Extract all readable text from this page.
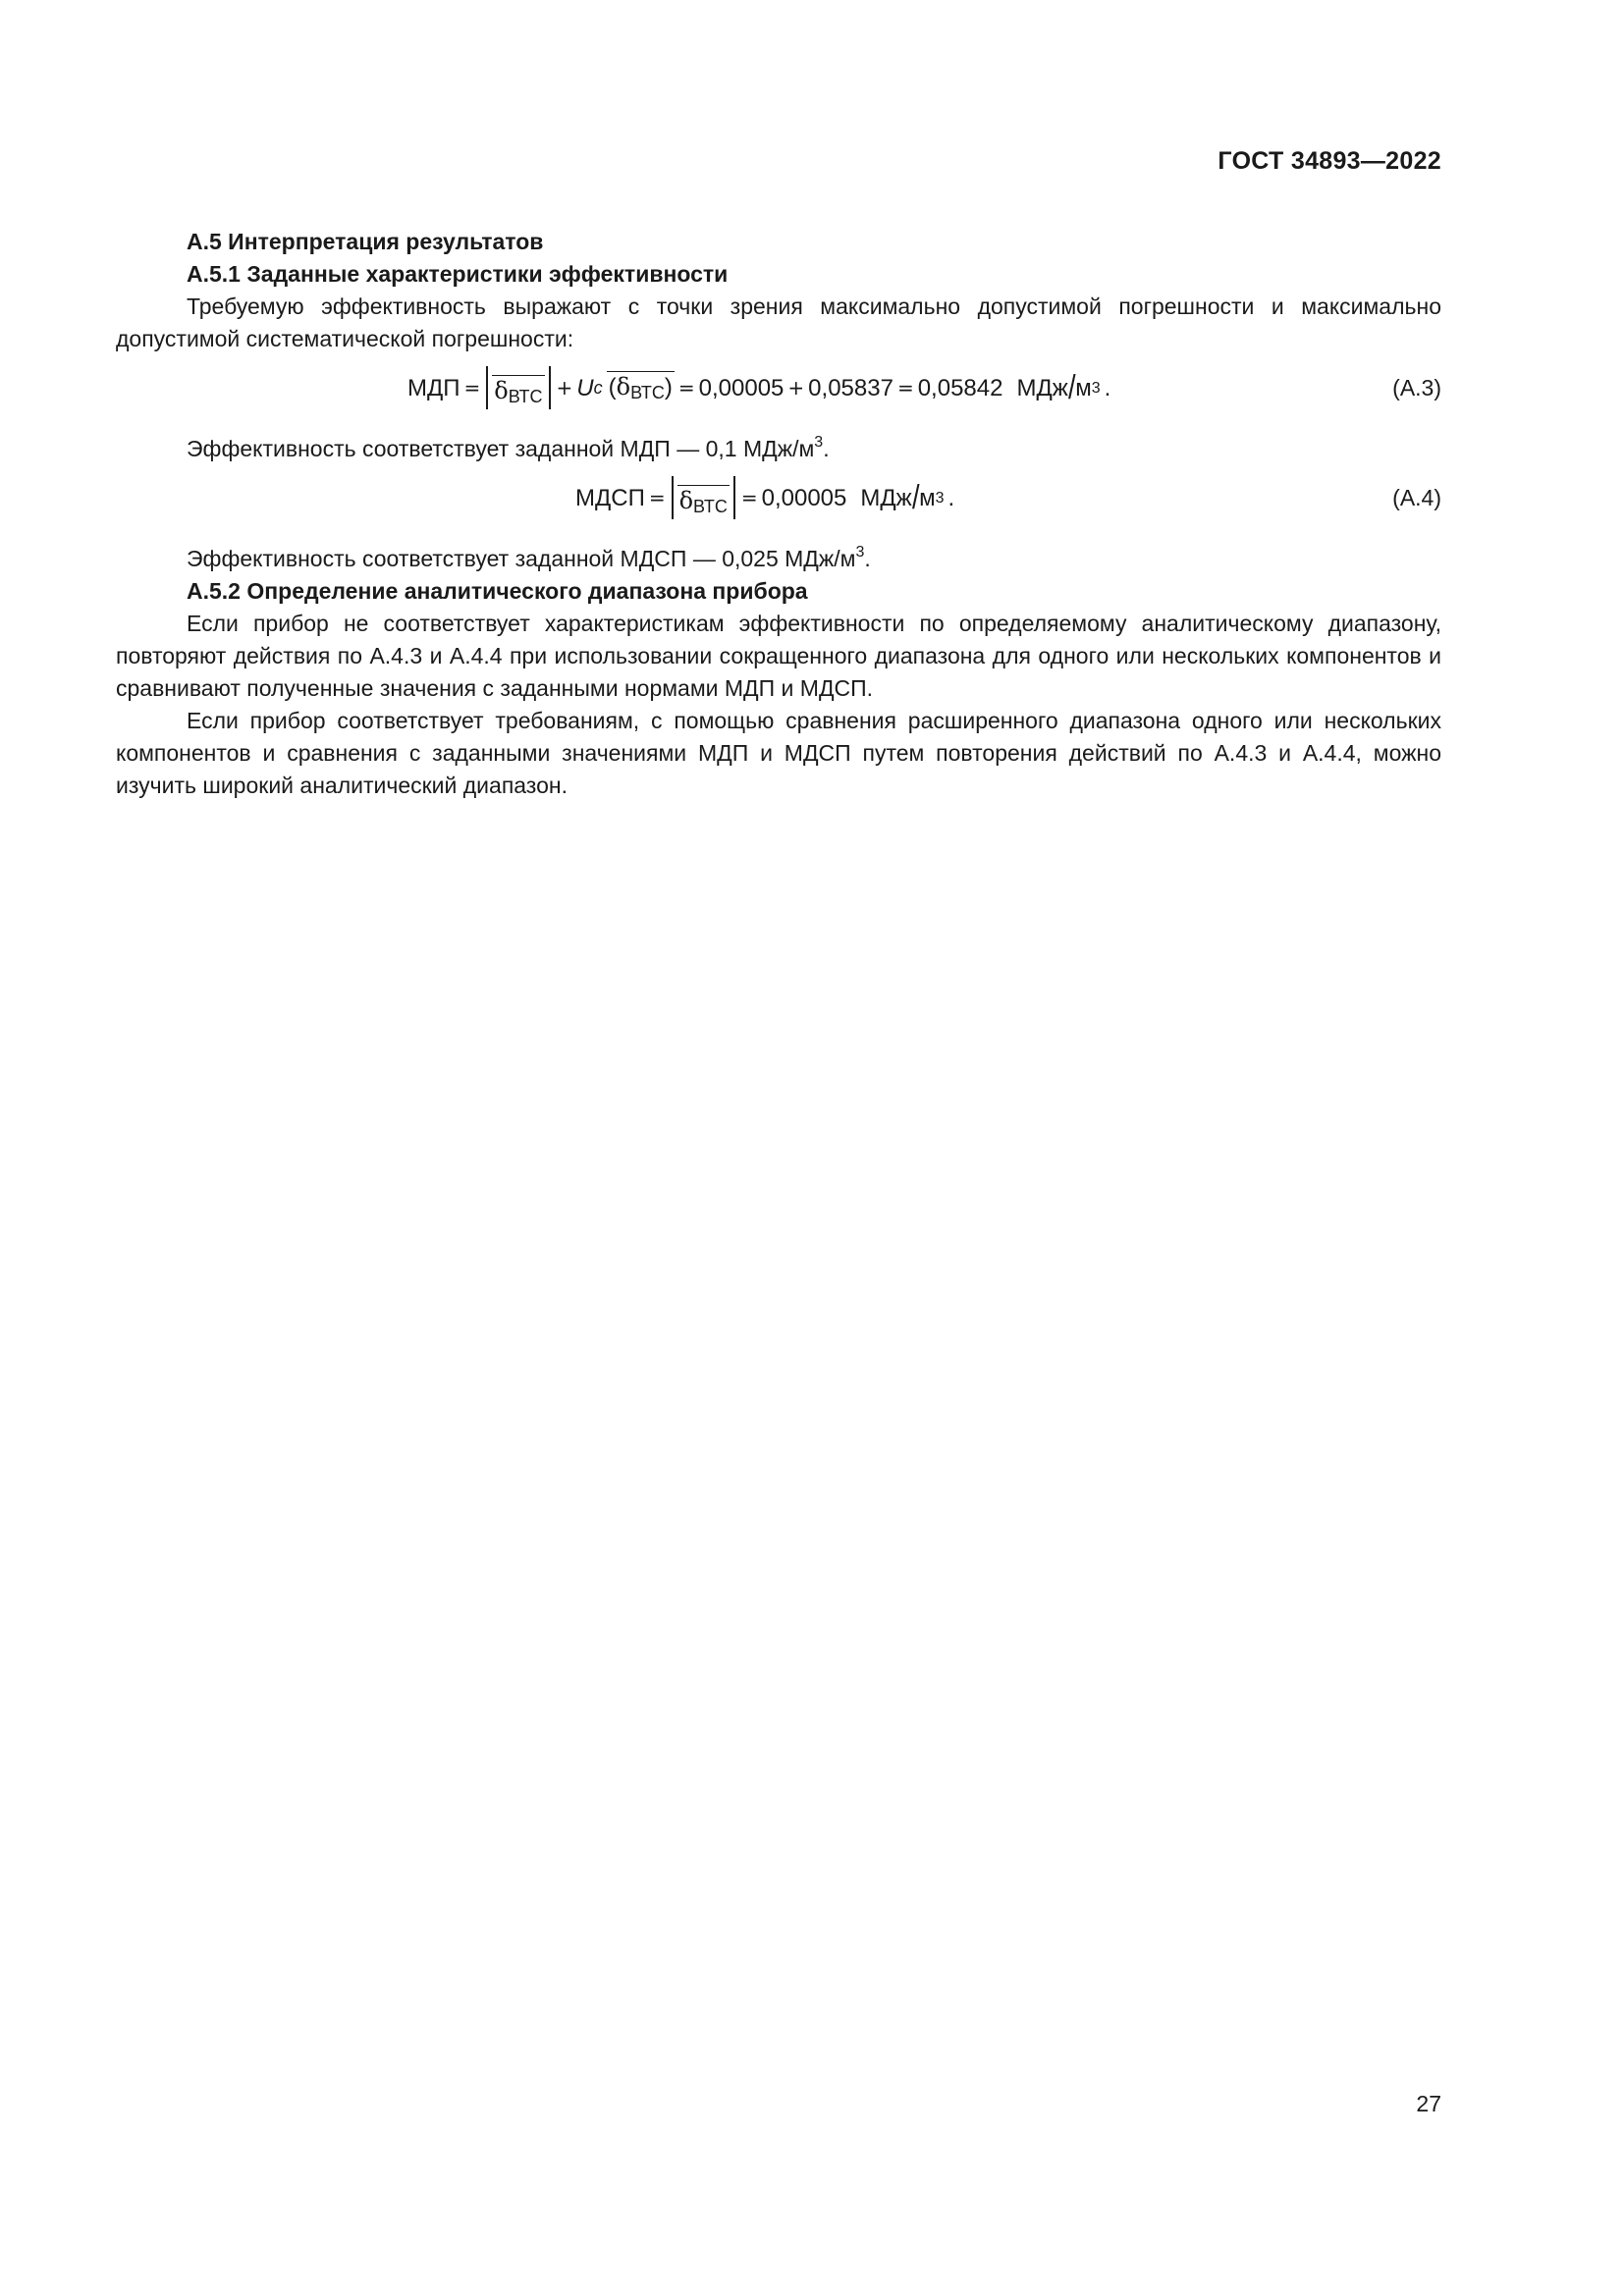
ГОСТ 34893—2022

А.5 Интерпретация результатов

А.5.1 Заданные характеристики эффективности

Требуемую эффективность выражают с точки зрения максимально допустимой погрешности и максимально допустимой систематической погрешности:

МДП = $\delta_{ВТС} + U$ c $(\delta_{ВТС}) = 0,00005 + 0,05837 = 0,05842$ МДж / м 3 .	(А.3)

Эффективность соответствует заданной МДП — 0,1 МДж/$м^3$.

МДСП = $\delta_{ВТС} = 0,00005$ МДж / м 3 .	(А.4)

Эффективность соответствует заданной МДСП — 0,025 МДж/$м^3$.

А.5.2 Определение аналитического диапазона прибора

Если прибор не соответствует характеристикам эффективности по определяемому аналитическому диапазону, повторяют действия по А.4.3 и А.4.4 при использовании сокращенного диапазона для одного или нескольких компонентов и сравнивают полученные значения с заданными нормами МДП и МДСП.

Если прибор соответствует требованиям, с помощью сравнения расширенного диапазона одного или нескольких компонентов и сравнения с заданными значениями МДП и МДСП путем повторения действий по А.4.3 и А.4.4, можно изучить широкий аналитический диапазон.

27
